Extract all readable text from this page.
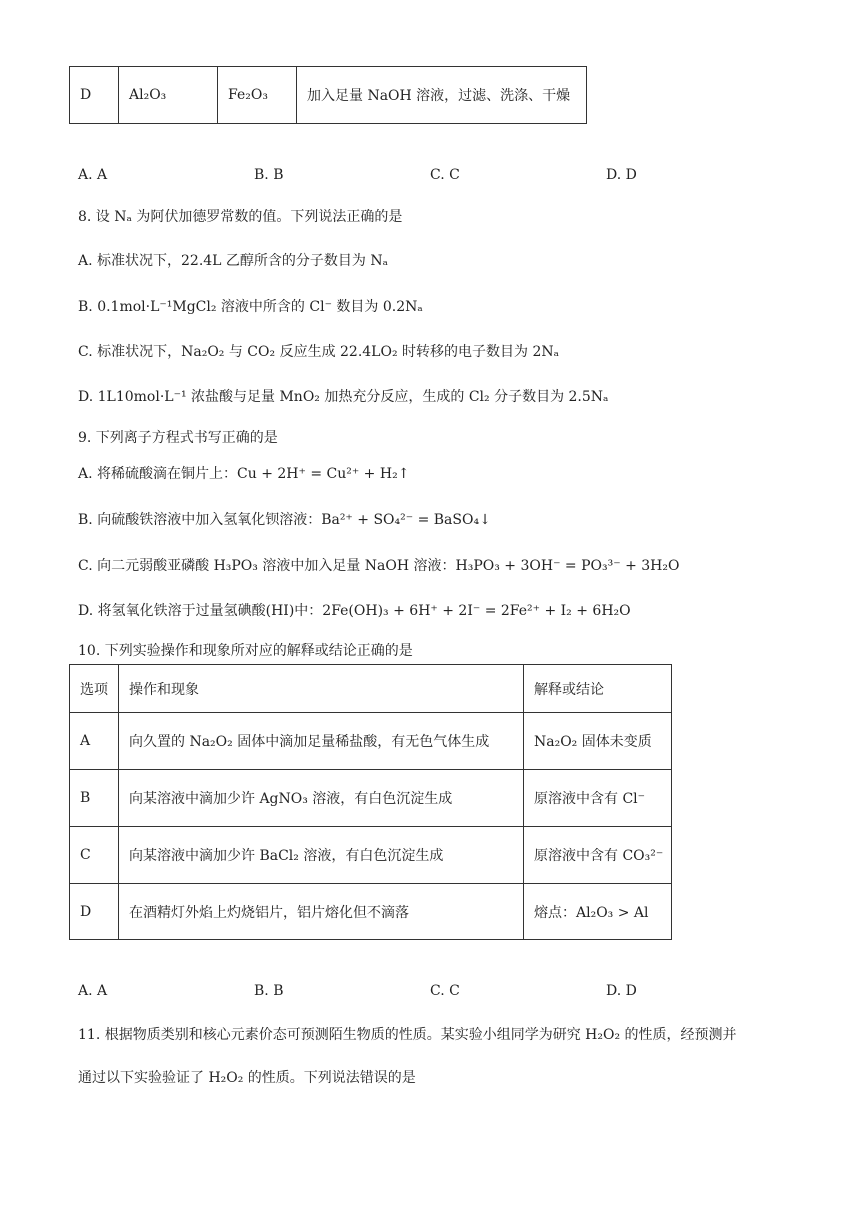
D	Al₂O₃	Fe₂O₃	加入足量 NaOH 溶液，过滤、洗涤、干燥
A. A	B. B	C. C	D. D
8. 设 Nₐ 为阿伏加德罗常数的值。下列说法正确的是
A. 标准状况下，22.4L 乙醇所含的分子数目为 Nₐ
B. 0.1mol·L⁻¹MgCl₂ 溶液中所含的 Cl⁻ 数目为 0.2Nₐ
C. 标准状况下，Na₂O₂ 与 CO₂ 反应生成 22.4LO₂ 时转移的电子数目为 2Nₐ
D. 1L10mol·L⁻¹ 浓盐酸与足量 MnO₂ 加热充分反应，生成的 Cl₂ 分子数目为 2.5Nₐ
9. 下列离子方程式书写正确的是
A. 将稀硫酸滴在铜片上：Cu + 2H⁺ = Cu²⁺ + H₂↑
B. 向硫酸铁溶液中加入氢氧化钡溶液：Ba²⁺ + SO₄²⁻ = BaSO₄↓
C. 向二元弱酸亚磷酸 H₃PO₃ 溶液中加入足量 NaOH 溶液：H₃PO₃ + 3OH⁻ = PO₃³⁻ + 3H₂O
D. 将氢氧化铁溶于过量氢碘酸(HI)中：2Fe(OH)₃ + 6H⁺ + 2I⁻ = 2Fe²⁺ + I₂ + 6H₂O
10. 下列实验操作和现象所对应的解释或结论正确的是
选项	操作和现象	解释或结论
A	向久置的 Na₂O₂ 固体中滴加足量稀盐酸，有无色气体生成	Na₂O₂ 固体未变质
B	向某溶液中滴加少许 AgNO₃ 溶液，有白色沉淀生成	原溶液中含有 Cl⁻
C	向某溶液中滴加少许 BaCl₂ 溶液，有白色沉淀生成	原溶液中含有 CO₃²⁻
D	在酒精灯外焰上灼烧铝片，铝片熔化但不滴落	熔点：Al₂O₃ > Al
A. A	B. B	C. C	D. D
11. 根据物质类别和核心元素价态可预测陌生物质的性质。某实验小组同学为研究 H₂O₂ 的性质，经预测并
通过以下实验验证了 H₂O₂ 的性质。下列说法错误的是
